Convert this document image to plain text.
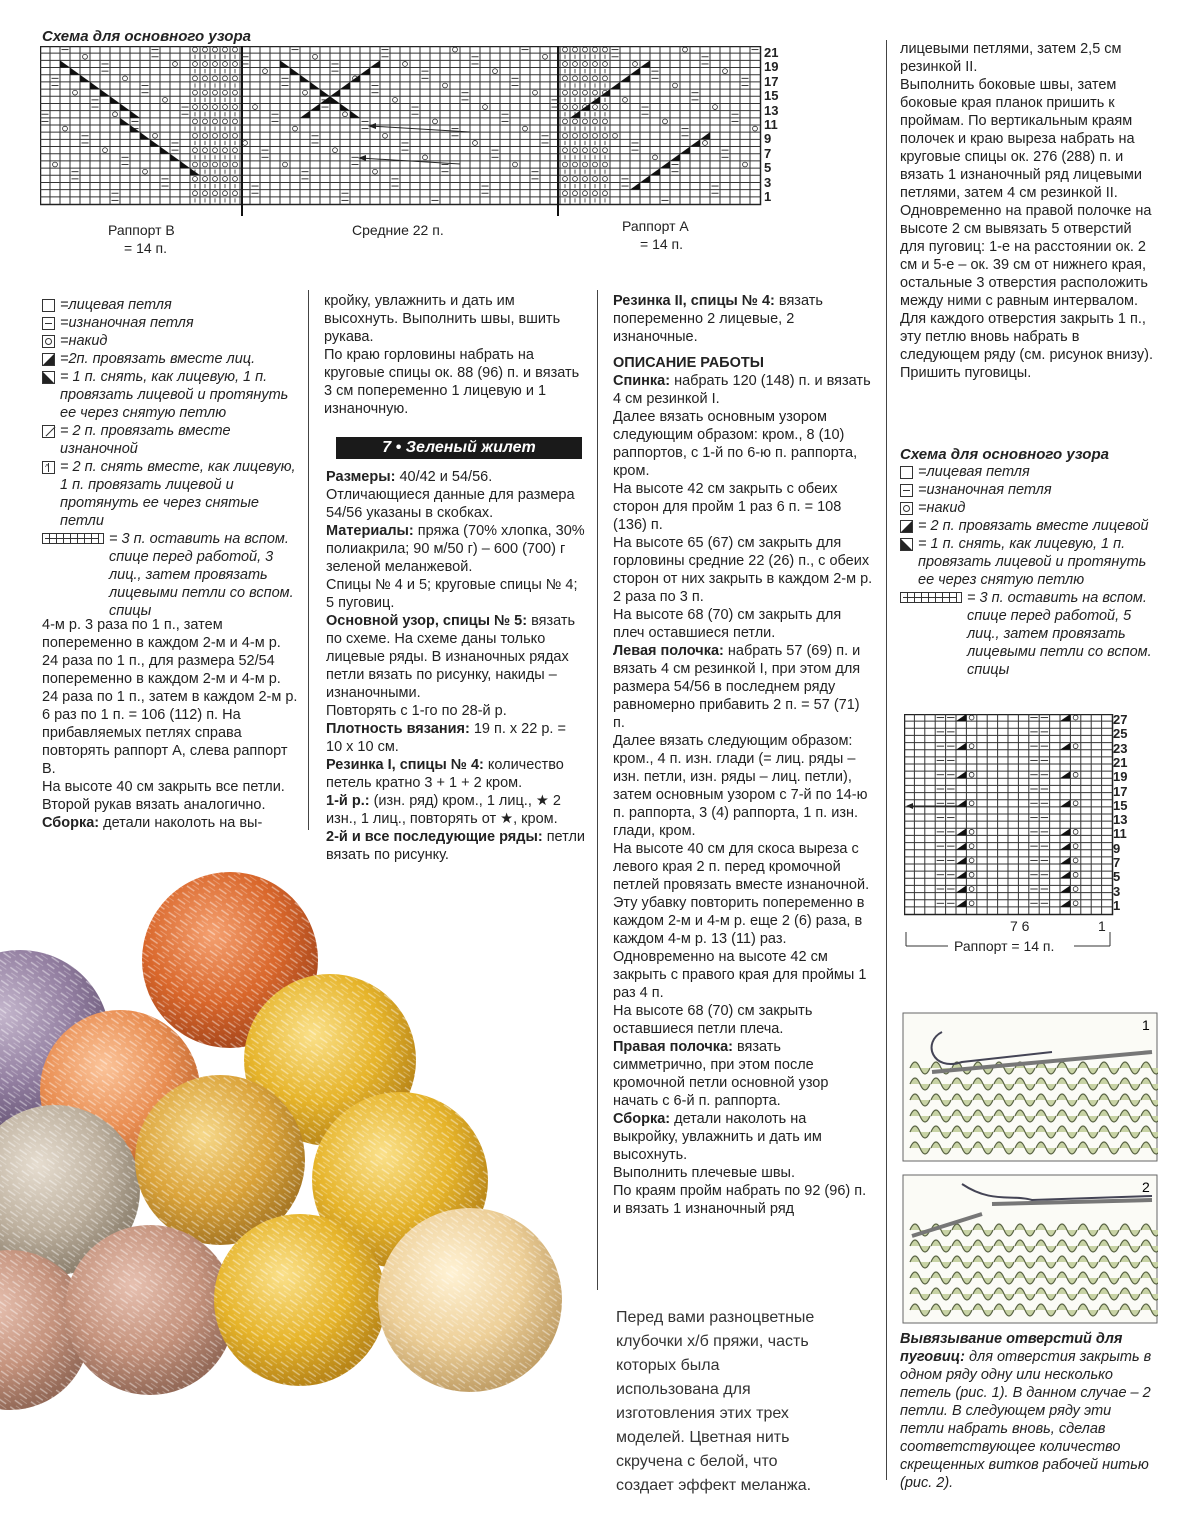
Схема для основного узора
21
19
17
15
13
11
9
7
5
3
1
Раппорт В
= 14 п.
Средние 22 п.	Раппорт А
= 14 п.
=лицевая петля
=изнаночная петля
=накид
=2п. провязать вместе лиц.
= 1 п. снять, как лицевую, 1 п. провязать лицевой и протянуть ее через снятую петлю
= 2 п. провязать вместе изнаночной
^ = 2 п. снять вместе, как лицевую, 1 п. провязать лицевой и протянуть ее через снятые петли
= 3 п. оставить на вспом. спице перед работой, 3 лиц., затем провязать лицевыми петли со вспом. спицы

4-м р. 3 раза по 1 п., затем попеременно в каждом 2-м и 4-м р. 24 раза по 1 п., для размера 52/54 попеременно в каждом 2-м и 4-м р. 24 раза по 1 п., затем в каждом 2-м р. 6 раз по 1 п. = 106 (112) п. На прибавляемых петлях справа повторять раппорт А, слева раппорт В.

На высоте 40 см закрыть все петли.

Второй рукав вязать аналогично.

Сборка: детали наколоть на вы-

кройку, увлажнить и дать им высохнуть. Выполнить швы, вшить рукава.

По краю горловины набрать на круговые спицы ок. 88 (96) п. и вязать 3 см попеременно 1 лицевую и 1 изнаночную.

7 • Зеленый жилет

Размеры: 40/42 и 54/56.

Отличающиеся данные для размера 54/56 указаны в скобках.

Материалы: пряжа (70% хлопка, 30% полиакрила; 90 м/50 г) – 600 (700) г зеленой меланжевой.

Спицы № 4 и 5; круговые спицы № 4; 5 пуговиц.

Основной узор, спицы № 5: вязать по схеме. На схеме даны только лицевые ряды. В изнаночных рядах петли вязать по рисунку, накиды – изнаночными.

Повторять с 1-го по 28-й р.

Плотность вязания: 19 п. х 22 р. = 10 х 10 см.

Резинка I, спицы № 4: количество петель кратно 3 + 1 + 2 кром.

1-й р.: (изн. ряд) кром., 1 лиц., ★ 2 изн., 1 лиц., повторять от ★, кром.

2-й и все последующие ряды: петли вязать по рисунку.

Резинка II, спицы № 4: вязать попеременно 2 лицевые, 2 изнаночные.

ОПИСАНИЕ РАБОТЫ

Спинка: набрать 120 (148) п. и вязать 4 см резинкой I.

Далее вязать основным узором следующим образом: кром., 8 (10) раппортов, с 1-й по 6-ю п. раппорта, кром.

На высоте 42 см закрыть с обеих сторон для пройм 1 раз 6 п. = 108 (136) п.

На высоте 65 (67) см закрыть для горловины средние 22 (26) п., с обеих сторон от них закрыть в каждом 2-м р. 2 раза по 3 п.

На высоте 68 (70) см закрыть для плеч оставшиеся петли.

Левая полочка: набрать 57 (69) п. и вязать 4 см резинкой I, при этом для размера 54/56 в последнем ряду равномерно прибавить 2 п. = 57 (71) п.

Далее вязать следующим образом: кром., 4 п. изн. глади (= лиц. ряды – изн. петли, изн. ряды – лиц. петли), затем основным узором с 7-й по 14-ю п. раппорта, 3 (4) раппорта, 1 п. изн. глади, кром.

На высоте 40 см для скоса выреза с левого края 2 п. перед кромочной петлей провязать вместе изнаночной. Эту убавку повторить попеременно в каждом 2-м и 4-м р. еще 2 (6) раза, в каждом 4-м р. 13 (11) раз.

Одновременно на высоте 42 см закрыть с правого края для проймы 1 раз 4 п.

На высоте 68 (70) см закрыть оставшиеся петли плеча.

Правая полочка: вязать симметрично, при этом после кромочной петли основной узор начать с 6-й п. раппорта.

Сборка: детали наколоть на выкройку, увлажнить и дать им высохнуть.

Выполнить плечевые швы.

По краям пройм набрать по 92 (96) п. и вязать 1 изнаночный ряд

лицевыми петлями, затем 2,5 см резинкой II.

Выполнить боковые швы, затем боковые края планок пришить к проймам. По вертикальным краям полочек и краю выреза набрать на круговые спицы ок. 276 (288) п. и вязать 1 изнаночный ряд лицевыми петлями, затем 4 см резинкой II. Одновременно на правой полочке на высоте 2 см вывязать 5 отверстий для пуговиц: 1-е на расстоянии ок. 2 см и 5-е – ок. 39 см от нижнего края, остальные 3 отверстия расположить между ними с равным интервалом. Для каждого отверстия закрыть 1 п., эту петлю вновь набрать в следующем ряду (см. рисунок внизу).

Пришить пуговицы.

Схема для основного узора
=лицевая петля
=изнаночная петля
=накид
= 2 п. провязать вместе лицевой
= 1 п. снять, как лицевую, 1 п. провязать лицевой и протянуть ее через снятую петлю
= 3 п. оставить на вспом. спице перед работой, 5 лиц., затем провязать лицевыми петли со вспом. спицы
27
25
23
21
19
17
15
13
11
9
7
5
3
1
7 6	1
Раппорт = 14 п.
1
2
Вывязывание отверстий для пуговиц: для отверстия закрыть в одном ряду одну или несколько петель (рис. 1). В данном случае – 2 петли. В следующем ряду эти петли набрать вновь, сделав соответствующее количество скрещенных витков рабочей нитью (рис. 2).
Перед вами разноцветные клубочки х/б пряжи, часть которых была использована для изготовления этих трех моделей. Цветная нить скручена с белой, что создает эффект меланжа.
